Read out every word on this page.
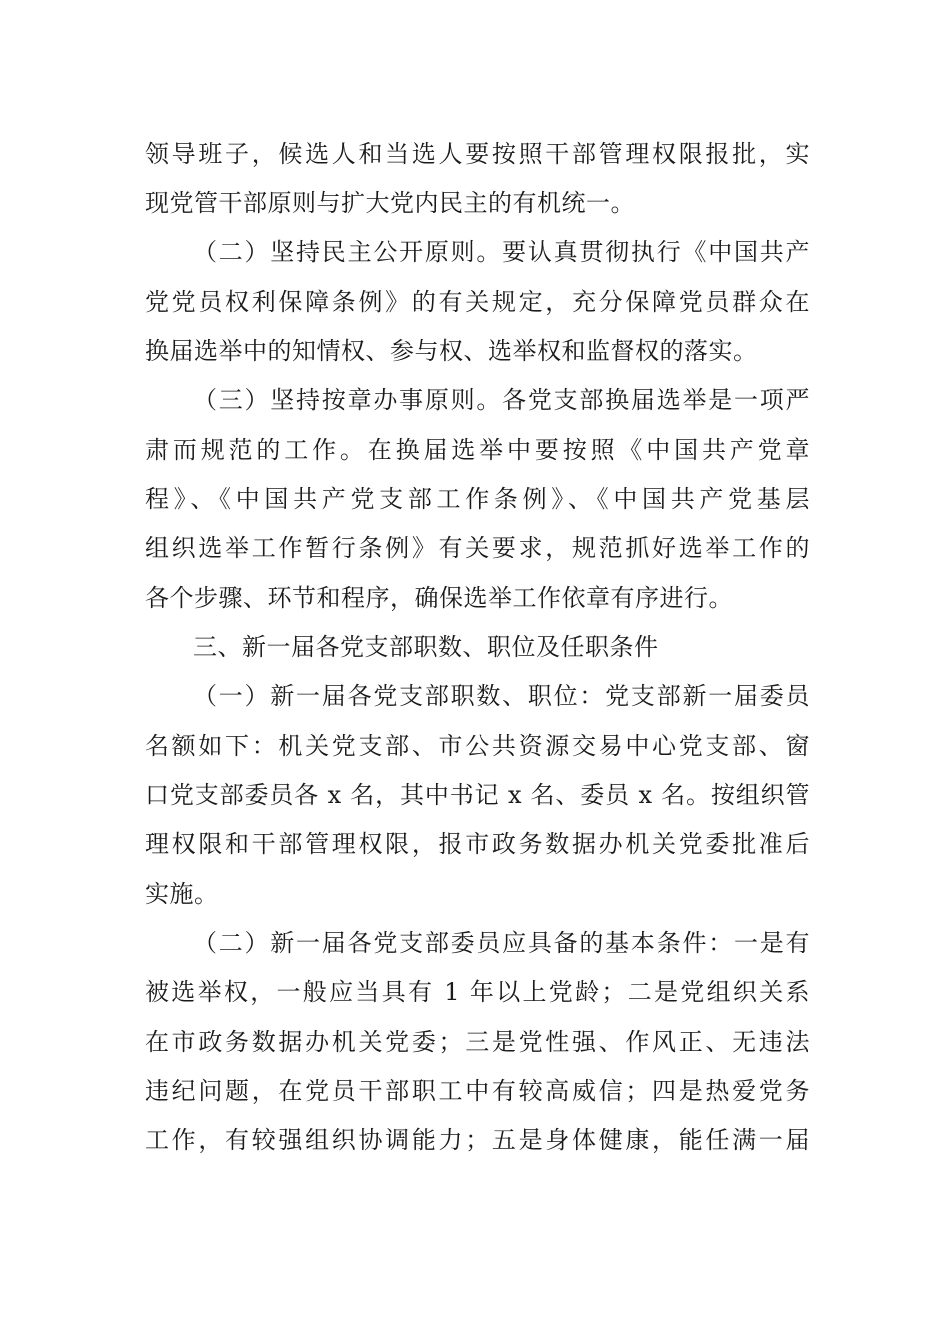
领导班子，候选人和当选人要按照干部管理权限报批，实
现党管干部原则与扩大党内民主的有机统一。
（二）坚持民主公开原则。要认真贯彻执行《中国共产
党党员权利保障条例》的有关规定，充分保障党员群众在
换届选举中的知情权、参与权、选举权和监督权的落实。
（三）坚持按章办事原则。各党支部换届选举是一项严
肃而规范的工作。在换届选举中要按照《中国共产党章
程》、《中国共产党支部工作条例》、《中国共产党基层
组织选举工作暂行条例》有关要求，规范抓好选举工作的
各个步骤、环节和程序，确保选举工作依章有序进行。
三、新一届各党支部职数、职位及任职条件
（一）新一届各党支部职数、职位：党支部新一届委员
名额如下：机关党支部、市公共资源交易中心党支部、窗
口党支部委员各 x 名，其中书记 x 名、委员 x 名。按组织管
理权限和干部管理权限，报市政务数据办机关党委批准后
实施。
（二）新一届各党支部委员应具备的基本条件：一是有
被选举权，一般应当具有 1 年以上党龄；二是党组织关系
在市政务数据办机关党委；三是党性强、作风正、无违法
违纪问题，在党员干部职工中有较高威信；四是热爱党务
工作，有较强组织协调能力；五是身体健康，能任满一届
